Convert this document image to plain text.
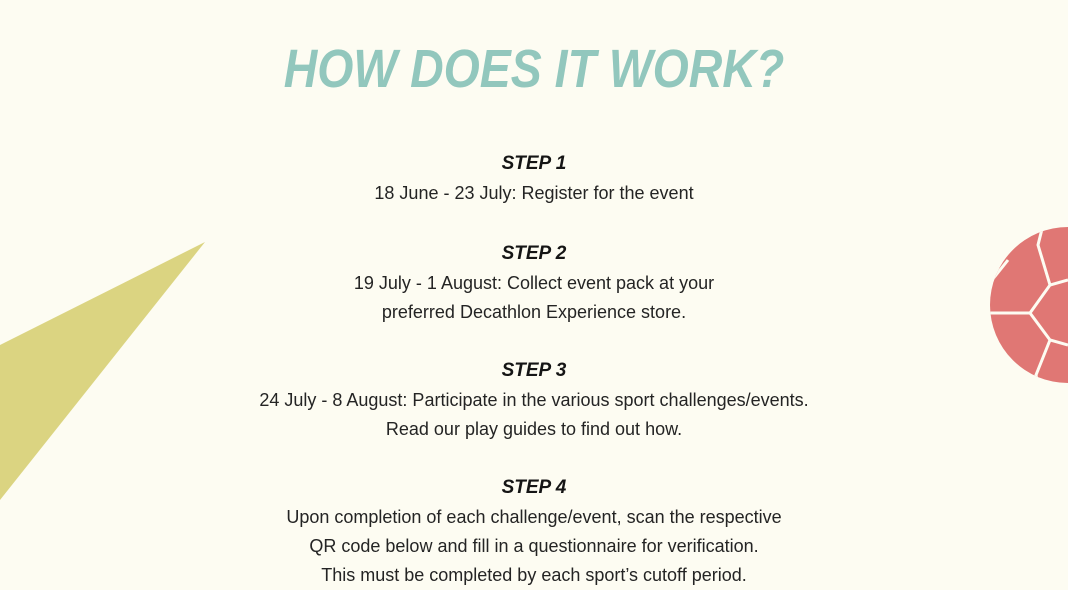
HOW DOES IT WORK?
STEP 1
18 June - 23 July: Register for the event
STEP 2
19 July - 1 August: Collect event pack at your
preferred Decathlon Experience store.
STEP 3
24 July - 8 August: Participate in the various sport challenges/events.
Read our play guides to find out how.
STEP 4
Upon completion of each challenge/event, scan the respective
QR code below and fill in a questionnaire for verification.
This must be completed by each sport’s cutoff period.
